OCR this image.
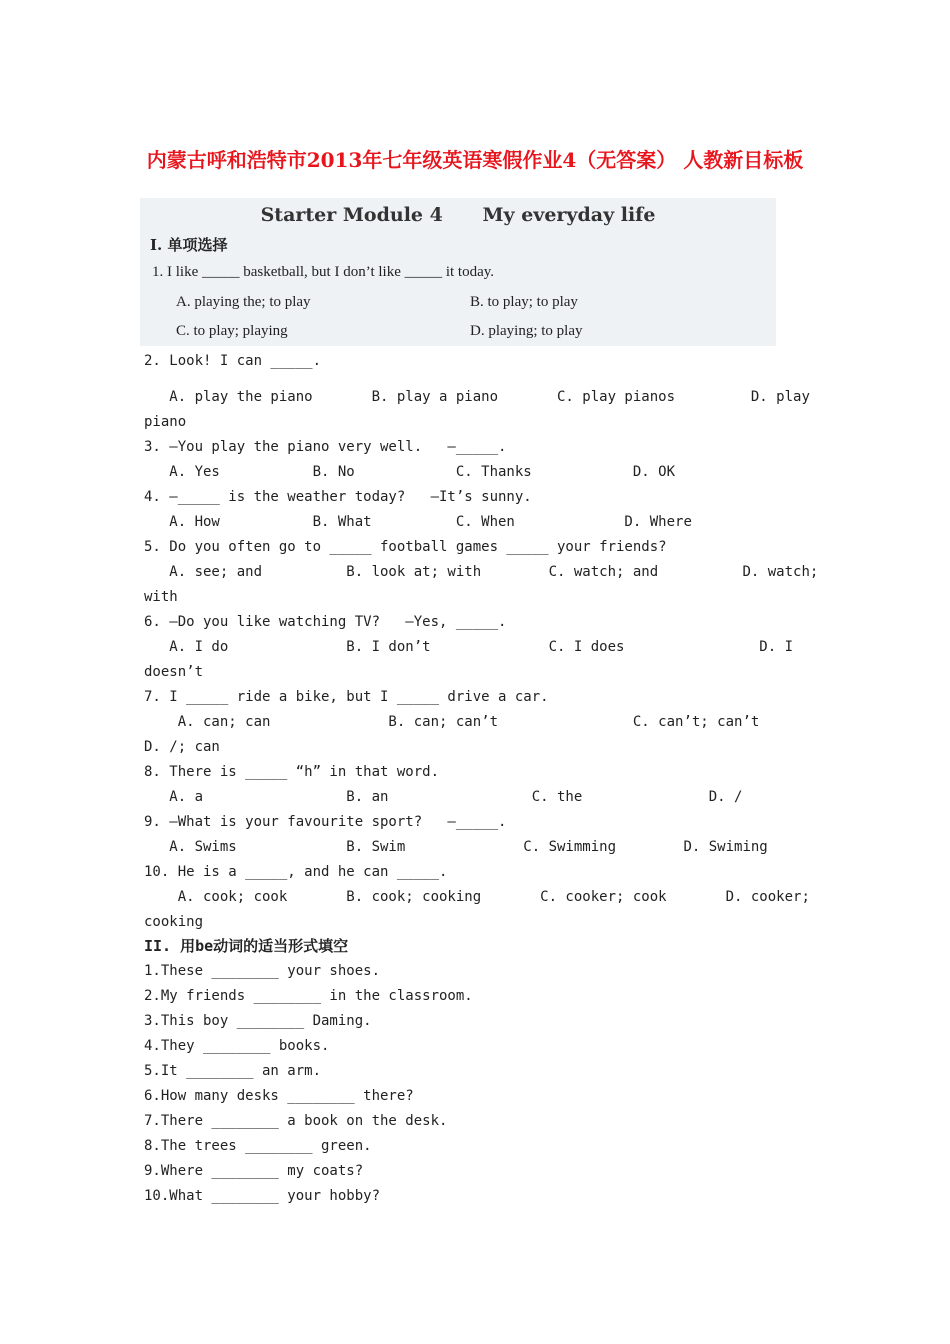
内蒙古呼和浩特市2013年七年级英语寒假作业4（无答案） 人教新目标板
Starter Module 4      My everyday life
I. 单项选择
1. I like _____ basketball, but I don’t like _____ it today.
A. playing the; to play	B. to play; to play
C. to play; playing	D. playing; to play
2. Look! I can _____.
A. play the piano       B. play a piano       C. play pianos         D. play
piano
3. —You play the piano very well.   —_____.
A. Yes           B. No            C. Thanks            D. OK
4. —_____ is the weather today?   —It’s sunny.
A. How           B. What          C. When             D. Where
5. Do you often go to _____ football games _____ your friends?
A. see; and          B. look at; with        C. watch; and          D. watch;
with
6. —Do you like watching TV?   —Yes, _____.
A. I do              B. I don’t              C. I does                D. I
doesn’t
7. I _____ ride a bike, but I _____ drive a car.
A. can; can              B. can; can’t                C. can’t; can’t
D. /; can
8. There is _____ “h” in that word.
A. a                 B. an                 C. the               D. /
9. —What is your favourite sport?   —_____.
A. Swims             B. Swim              C. Swimming        D. Swiming
10. He is a _____, and he can _____.
A. cook; cook       B. cook; cooking       C. cooker; cook       D. cooker;
cooking
II. 用be动词的适当形式填空
1.These ________ your shoes.
2.My friends ________ in the classroom.
3.This boy ________ Daming.
4.They ________ books.
5.It ________ an arm.
6.How many desks ________ there?
7.There ________ a book on the desk.
8.The trees ________ green.
9.Where ________ my coats?
10.What ________ your hobby?
